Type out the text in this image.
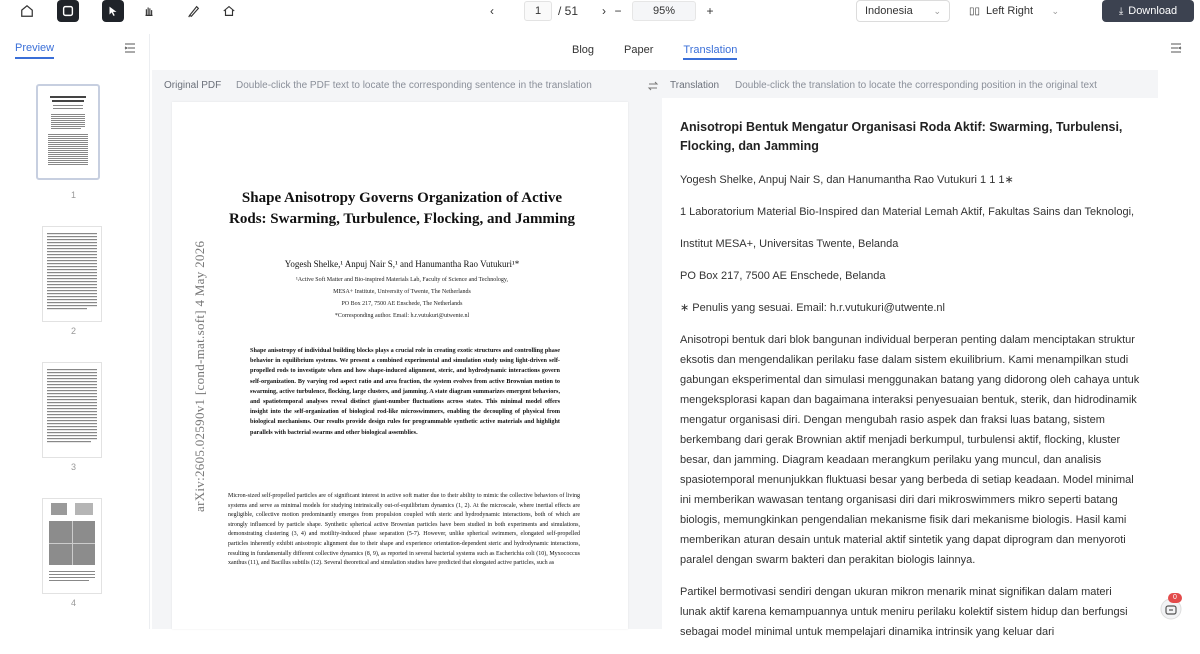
‹	1	/ 51	› −	95%	+	Indonesia ⌄	▯▯ Left Right ⌄	⤓ Download
Preview
1
2
3
4
Blog	Paper	Translation
Original PDF Double-click the PDF text to locate the corresponding sentence in the translation
arXiv:2605.02590v1 [cond-mat.soft] 4 May 2026
Shape Anisotropy Governs Organization of Active Rods: Swarming, Turbulence, Flocking, and Jamming
Yogesh Shelke,¹ Anpuj Nair S,¹ and Hanumantha Rao Vutukuri¹*
¹Active Soft Matter and Bio-inspired Materials Lab, Faculty of Science and Technology,
MESA+ Institute, University of Twente, The Netherlands
PO Box 217, 7500 AE Enschede, The Netherlands
*Corresponding author. Email: h.r.vutukuri@utwente.nl
Shape anisotropy of individual building blocks plays a crucial role in creating exotic structures and controlling phase behavior in equilibrium systems. We present a combined experimental and simulation study using light-driven self-propelled rods to investigate when and how shape-induced alignment, steric, and hydrodynamic interactions govern self-organization. By varying rod aspect ratio and area fraction, the system evolves from active Brownian motion to swarming, active turbulence, flocking, large clusters, and jamming. A state diagram summarizes emergent behaviors, and spatiotemporal analyses reveal distinct giant-number fluctuations across states. This minimal model offers insight into the self-organization of biological rod-like microswimmers, enabling the decoupling of physical from biological mechanisms. Our results provide design rules for programmable synthetic active materials and highlight parallels with bacterial swarms and other biological assemblies.
Micron-sized self-propelled particles are of significant interest in active soft matter due to their ability to mimic the collective behaviors of living systems and serve as minimal models for studying intrinsically out-of-equilibrium dynamics (1, 2). At the microscale, where inertial effects are negligible, collective motion predominantly emerges from propulsion coupled with steric and hydrodynamic interactions, both of which are strongly influenced by particle shape. Synthetic spherical active Brownian particles have been studied in both experiments and simulations, demonstrating clustering (3, 4) and motility-induced phase separation (5-7). However, unlike spherical swimmers, elongated self-propelled particles inherently exhibit anisotropic alignment due to their shape and experience orientation-dependent steric and hydrodynamic interactions, resulting in fundamentally different collective dynamics (8, 9), as reported in several bacterial systems such as Escherichia coli (10), Myxococcus xanthus (11), and Bacillus subtilis (12). Several theoretical and simulation studies have predicted that elongated active particles, such as
Translation Double-click the translation to locate the corresponding position in the original text
Anisotropi Bentuk Mengatur Organisasi Roda Aktif: Swarming, Turbulensi, Flocking, dan Jamming
Yogesh Shelke, Anpuj Nair S, dan Hanumantha Rao Vutukuri 1 1 1∗
1 Laboratorium Material Bio-Inspired dan Material Lemah Aktif, Fakultas Sains dan Teknologi,
Institut MESA+, Universitas Twente, Belanda
PO Box 217, 7500 AE Enschede, Belanda
∗ Penulis yang sesuai. Email: h.r.vutukuri@utwente.nl
Anisotropi bentuk dari blok bangunan individual berperan penting dalam menciptakan struktur eksotis dan mengendalikan perilaku fase dalam sistem ekuilibrium. Kami menampilkan studi gabungan eksperimental dan simulasi menggunakan batang yang didorong oleh cahaya untuk mengeksplorasi kapan dan bagaimana interaksi penyesuaian bentuk, sterik, dan hidrodinamik mengatur organisasi diri. Dengan mengubah rasio aspek dan fraksi luas batang, sistem berkembang dari gerak Brownian aktif menjadi berkumpul, turbulensi aktif, flocking, kluster besar, dan jamming. Diagram keadaan merangkum perilaku yang muncul, dan analisis spasiotemporal menunjukkan fluktuasi besar yang berbeda di setiap keadaan. Model minimal ini memberikan wawasan tentang organisasi diri dari mikroswimmers mikro seperti batang biologis, memungkinkan pengendalian mekanisme fisik dari mekanisme biologis. Hasil kami memberikan aturan desain untuk material aktif sintetik yang dapat diprogram dan menyoroti paralel dengan swarm bakteri dan perakitan biologis lainnya.
Partikel bermotivasi sendiri dengan ukuran mikron menarik minat signifikan dalam materi lunak aktif karena kemampuannya untuk meniru perilaku kolektif sistem hidup dan berfungsi sebagai model minimal untuk mempelajari dinamika intrinsik yang keluar dari
0
